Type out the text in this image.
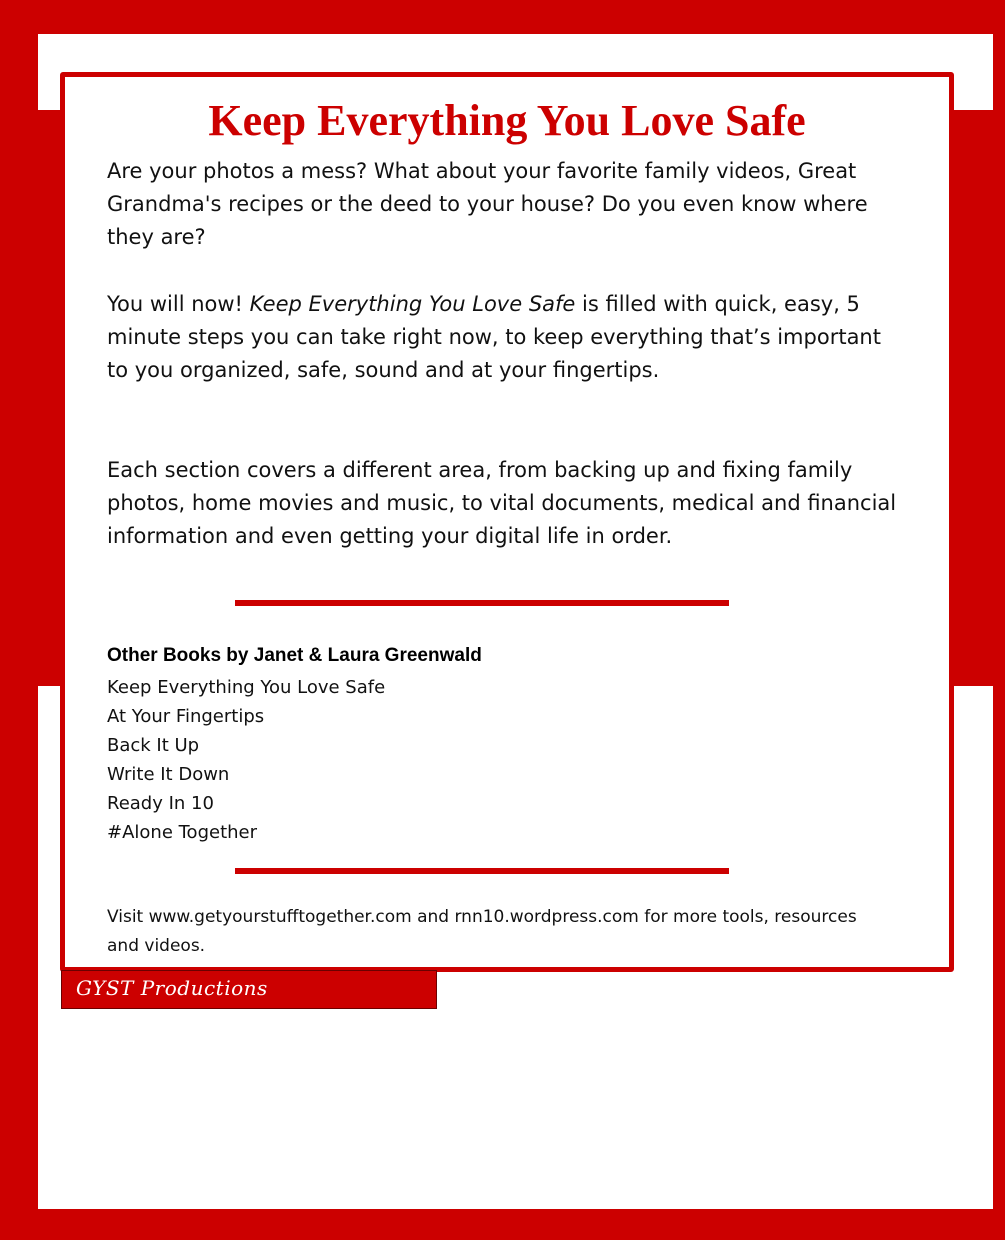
Keep Everything You Love Safe

Are your photos a mess? What about your favorite family videos, Great Grandma's recipes or the deed to your house? Do you even know where they are?

You will now! Keep Everything You Love Safe is filled with quick, easy, 5 minute steps you can take right now, to keep everything that’s important to you organized, safe, sound and at your fingertips.

Each section covers a different area, from backing up and fixing family photos, home movies and music, to vital documents, medical and financial information and even getting your digital life in order.

Other Books by Janet & Laura Greenwald

Keep Everything You Love Safe
At Your Fingertips
Back It Up
Write It Down
Ready In 10
#Alone Together

Visit www.getyourstufftogether.com and rnn10.wordpress.com for more tools, resources and videos.

GYST Productions
